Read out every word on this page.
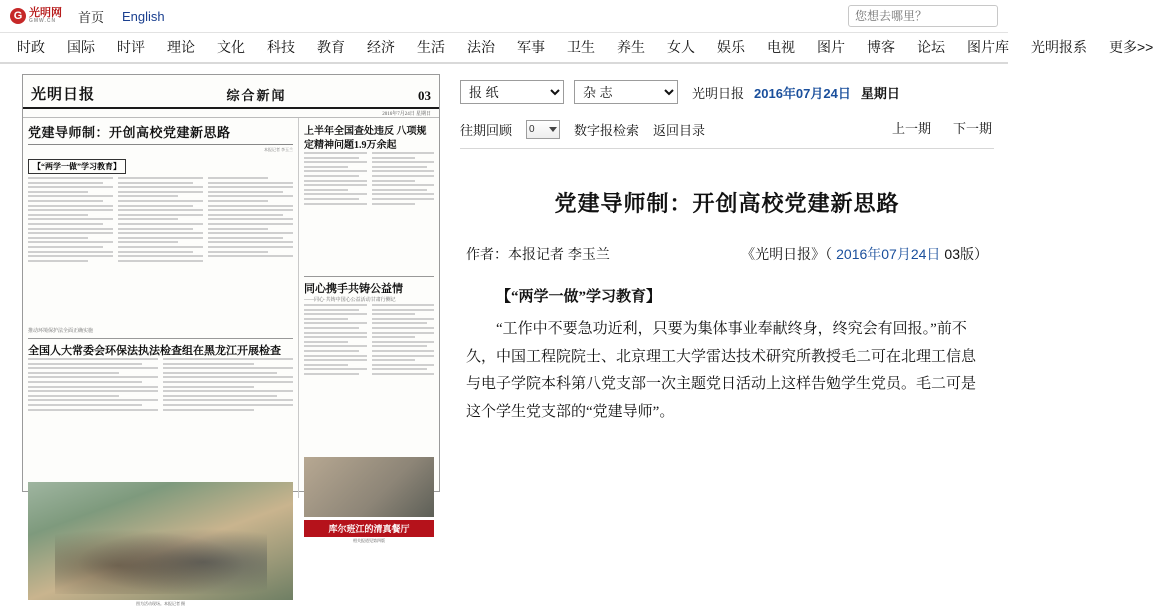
G 光明网
GMW.CN	首页 English
您想去哪里？
时政	国际	时评	理论	文化	科技	教育	经济	生活	法治	军事	卫生	养生	女人	娱乐	电视	图片	博客	论坛	图片库	光明报系	更多>>
光明日报	综合新闻	03
2016年7月24日 星期日
党建导师制：开创高校党建新思路
本报记者 李玉兰
【“两学一做”学习教育】
推动环境保护法全面正确实施
全国人大常委会环保法执法检查组在黑龙江开展检查
图为活动现场。本报记者 摄
上半年全国查处违反 八项规定精神问题1.9万余起
同心携手共铸公益情
——同心·共铸中国心公益活动甘肃行侧记
库尔班江的清真餐厅
相关报道见第四版
报 纸
杂 志
光明日报 2016年07月24日 星期日
往期回顾 0	数字报检索 返回目录	上一期 下一期
党建导师制：开创高校党建新思路
作者：本报记者 李玉兰	《光明日报》（ 2016年07月24日 03版）
【“两学一做”学习教育】

“工作中不要急功近利，只要为集体事业奉献终身，终究会有回报。”前不久，中国工程院院士、北京理工大学雷达技术研究所教授毛二可在北理工信息与电子学院本科第八党支部一次主题党日活动上这样告勉学生党员。毛二可是这个学生党支部的“党建导师”。
